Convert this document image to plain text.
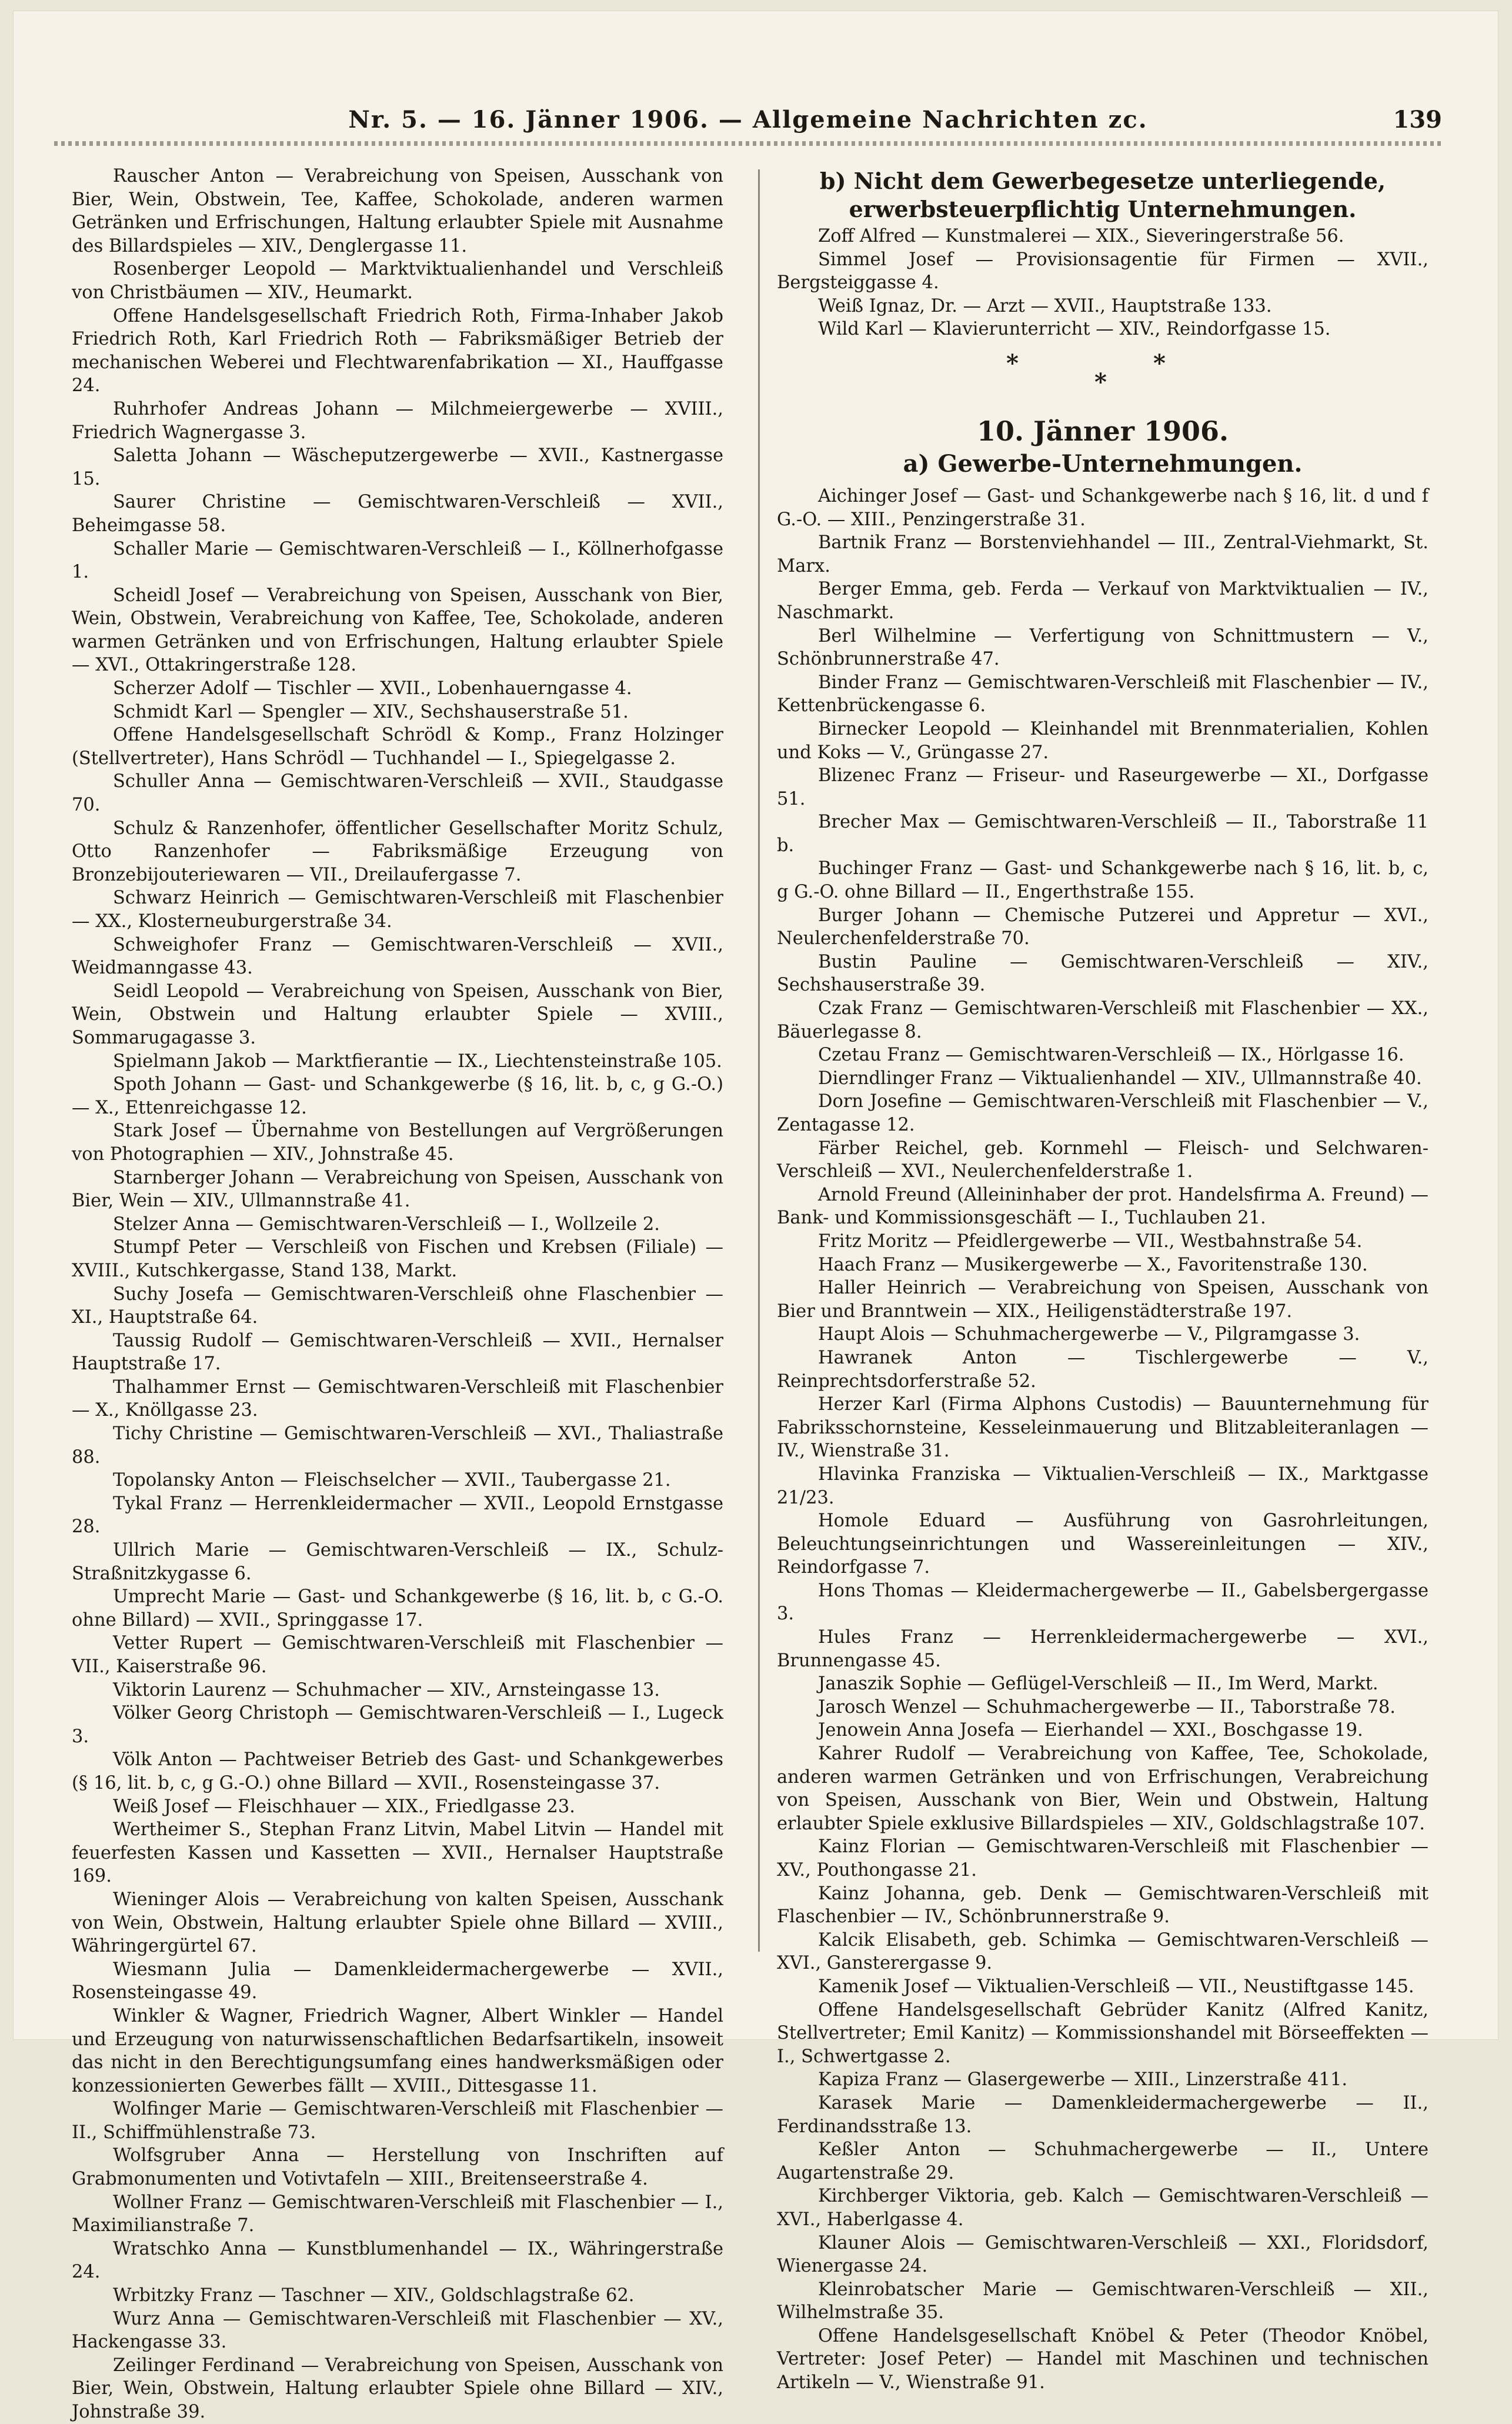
Nr. 5. — 16. Jänner 1906. — Allgemeine Nachrichten zc.	139

Rauscher Anton — Verabreichung von Speisen, Ausschank von Bier, Wein, Obstwein, Tee, Kaffee, Schokolade, anderen warmen Getränken und Erfrischungen, Haltung erlaubter Spiele mit Ausnahme des Billardspieles — XIV., Denglergasse 11.

Rosenberger Leopold — Marktviktualienhandel und Verschleiß von Christbäumen — XIV., Heumarkt.

Offene Handelsgesellschaft Friedrich Roth, Firma-Inhaber Jakob Friedrich Roth, Karl Friedrich Roth — Fabriksmäßiger Betrieb der mechanischen Weberei und Flechtwarenfabrikation — XI., Hauffgasse 24.

Ruhrhofer Andreas Johann — Milchmeiergewerbe — XVIII., Friedrich Wagnergasse 3.

Saletta Johann — Wäscheputzergewerbe — XVII., Kastnergasse 15.

Saurer Christine — Gemischtwaren-Verschleiß — XVII., Beheimgasse 58.

Schaller Marie — Gemischtwaren-Verschleiß — I., Köllnerhofgasse 1.

Scheidl Josef — Verabreichung von Speisen, Ausschank von Bier, Wein, Obstwein, Verabreichung von Kaffee, Tee, Schokolade, anderen warmen Getränken und von Erfrischungen, Haltung erlaubter Spiele — XVI., Ottakringerstraße 128.

Scherzer Adolf — Tischler — XVII., Lobenhauerngasse 4.

Schmidt Karl — Spengler — XIV., Sechshauserstraße 51.

Offene Handelsgesellschaft Schrödl & Komp., Franz Holzinger (Stellvertreter), Hans Schrödl — Tuchhandel — I., Spiegelgasse 2.

Schuller Anna — Gemischtwaren-Verschleiß — XVII., Staudgasse 70.

Schulz & Ranzenhofer, öffentlicher Gesellschafter Moritz Schulz, Otto Ranzenhofer — Fabriksmäßige Erzeugung von Bronzebijouteriewaren — VII., Dreilaufergasse 7.

Schwarz Heinrich — Gemischtwaren-Verschleiß mit Flaschenbier — XX., Klosterneuburgerstraße 34.

Schweighofer Franz — Gemischtwaren-Verschleiß — XVII., Weidmanngasse 43.

Seidl Leopold — Verabreichung von Speisen, Ausschank von Bier, Wein, Obstwein und Haltung erlaubter Spiele — XVIII., Sommarugagasse 3.

Spielmann Jakob — Marktfierantie — IX., Liechtensteinstraße 105.

Spoth Johann — Gast- und Schankgewerbe (§ 16, lit. b, c, g G.-O.) — X., Ettenreichgasse 12.

Stark Josef — Übernahme von Bestellungen auf Vergrößerungen von Photographien — XIV., Johnstraße 45.

Starnberger Johann — Verabreichung von Speisen, Ausschank von Bier, Wein — XIV., Ullmannstraße 41.

Stelzer Anna — Gemischtwaren-Verschleiß — I., Wollzeile 2.

Stumpf Peter — Verschleiß von Fischen und Krebsen (Filiale) — XVIII., Kutschkergasse, Stand 138, Markt.

Suchy Josefa — Gemischtwaren-Verschleiß ohne Flaschenbier — XI., Hauptstraße 64.

Taussig Rudolf — Gemischtwaren-Verschleiß — XVII., Hernalser Hauptstraße 17.

Thalhammer Ernst — Gemischtwaren-Verschleiß mit Flaschenbier — X., Knöllgasse 23.

Tichy Christine — Gemischtwaren-Verschleiß — XVI., Thaliastraße 88.

Topolansky Anton — Fleischselcher — XVII., Taubergasse 21.

Tykal Franz — Herrenkleidermacher — XVII., Leopold Ernstgasse 28.

Ullrich Marie — Gemischtwaren-Verschleiß — IX., Schulz-Straßnitzkygasse 6.

Umprecht Marie — Gast- und Schankgewerbe (§ 16, lit. b, c G.-O. ohne Billard) — XVII., Springgasse 17.

Vetter Rupert — Gemischtwaren-Verschleiß mit Flaschenbier — VII., Kaiserstraße 96.

Viktorin Laurenz — Schuhmacher — XIV., Arnsteingasse 13.

Völker Georg Christoph — Gemischtwaren-Verschleiß — I., Lugeck 3.

Völk Anton — Pachtweiser Betrieb des Gast- und Schankgewerbes (§ 16, lit. b, c, g G.-O.) ohne Billard — XVII., Rosensteingasse 37.

Weiß Josef — Fleischhauer — XIX., Friedlgasse 23.

Wertheimer S., Stephan Franz Litvin, Mabel Litvin — Handel mit feuerfesten Kassen und Kassetten — XVII., Hernalser Hauptstraße 169.

Wieninger Alois — Verabreichung von kalten Speisen, Ausschank von Wein, Obstwein, Haltung erlaubter Spiele ohne Billard — XVIII., Währingergürtel 67.

Wiesmann Julia — Damenkleidermachergewerbe — XVII., Rosensteingasse 49.

Winkler & Wagner, Friedrich Wagner, Albert Winkler — Handel und Erzeugung von naturwissenschaftlichen Bedarfsartikeln, insoweit das nicht in den Berechtigungsumfang eines handwerksmäßigen oder konzessionierten Gewerbes fällt — XVIII., Dittesgasse 11.

Wolfinger Marie — Gemischtwaren-Verschleiß mit Flaschenbier — II., Schiffmühlenstraße 73.

Wolfsgruber Anna — Herstellung von Inschriften auf Grabmonumenten und Votivtafeln — XIII., Breitenseerstraße 4.

Wollner Franz — Gemischtwaren-Verschleiß mit Flaschenbier — I., Maximilianstraße 7.

Wratschko Anna — Kunstblumenhandel — IX., Währingerstraße 24.

Wrbitzky Franz — Taschner — XIV., Goldschlagstraße 62.

Wurz Anna — Gemischtwaren-Verschleiß mit Flaschenbier — XV., Hackengasse 33.

Zeilinger Ferdinand — Verabreichung von Speisen, Ausschank von Bier, Wein, Obstwein, Haltung erlaubter Spiele ohne Billard — XIV., Johnstraße 39.

b) Nicht dem Gewerbegesetze unterliegende, erwerbsteuerpflichtig Unternehmungen.

Zoff Alfred — Kunstmalerei — XIX., Sieveringerstraße 56.

Simmel Josef — Provisionsagentie für Firmen — XVII., Bergsteiggasse 4.

Weiß Ignaz, Dr. — Arzt — XVII., Hauptstraße 133.

Wild Karl — Klavierunterricht — XIV., Reindorfgasse 15.

*
*
*
10. Jänner 1906.
a) Gewerbe-Unternehmungen.

Aichinger Josef — Gast- und Schankgewerbe nach § 16, lit. d und f G.-O. — XIII., Penzingerstraße 31.

Bartnik Franz — Borstenviehhandel — III., Zentral-Viehmarkt, St. Marx.

Berger Emma, geb. Ferda — Verkauf von Marktviktualien — IV., Naschmarkt.

Berl Wilhelmine — Verfertigung von Schnittmustern — V., Schönbrunnerstraße 47.

Binder Franz — Gemischtwaren-Verschleiß mit Flaschenbier — IV., Kettenbrückengasse 6.

Birnecker Leopold — Kleinhandel mit Brennmaterialien, Kohlen und Koks — V., Grüngasse 27.

Blizenec Franz — Friseur- und Raseurgewerbe — XI., Dorfgasse 51.

Brecher Max — Gemischtwaren-Verschleiß — II., Taborstraße 11 b.

Buchinger Franz — Gast- und Schankgewerbe nach § 16, lit. b, c, g G.-O. ohne Billard — II., Engerthstraße 155.

Burger Johann — Chemische Putzerei und Appretur — XVI., Neulerchenfelderstraße 70.

Bustin Pauline — Gemischtwaren-Verschleiß — XIV., Sechshauserstraße 39.

Czak Franz — Gemischtwaren-Verschleiß mit Flaschenbier — XX., Bäuerlegasse 8.

Czetau Franz — Gemischtwaren-Verschleiß — IX., Hörlgasse 16.

Dierndlinger Franz — Viktualienhandel — XIV., Ullmannstraße 40.

Dorn Josefine — Gemischtwaren-Verschleiß mit Flaschenbier — V., Zentagasse 12.

Färber Reichel, geb. Kornmehl — Fleisch- und Selchwaren-Verschleiß — XVI., Neulerchenfelderstraße 1.

Arnold Freund (Alleininhaber der prot. Handelsfirma A. Freund) — Bank- und Kommissionsgeschäft — I., Tuchlauben 21.

Fritz Moritz — Pfeidlergewerbe — VII., Westbahnstraße 54.

Haach Franz — Musikergewerbe — X., Favoritenstraße 130.

Haller Heinrich — Verabreichung von Speisen, Ausschank von Bier und Branntwein — XIX., Heiligenstädterstraße 197.

Haupt Alois — Schuhmachergewerbe — V., Pilgramgasse 3.

Hawranek Anton — Tischlergewerbe — V., Reinprechtsdorferstraße 52.

Herzer Karl (Firma Alphons Custodis) — Bauunternehmung für Fabriksschornsteine, Kesseleinmauerung und Blitzableiteranlagen — IV., Wienstraße 31.

Hlavinka Franziska — Viktualien-Verschleiß — IX., Marktgasse 21/23.

Homole Eduard — Ausführung von Gasrohrleitungen, Beleuchtungseinrichtungen und Wassereinleitungen — XIV., Reindorfgasse 7.

Hons Thomas — Kleidermachergewerbe — II., Gabelsbergergasse 3.

Hules Franz — Herrenkleidermachergewerbe — XVI., Brunnengasse 45.

Janaszik Sophie — Geflügel-Verschleiß — II., Im Werd, Markt.

Jarosch Wenzel — Schuhmachergewerbe — II., Taborstraße 78.

Jenowein Anna Josefa — Eierhandel — XXI., Boschgasse 19.

Kahrer Rudolf — Verabreichung von Kaffee, Tee, Schokolade, anderen warmen Getränken und von Erfrischungen, Verabreichung von Speisen, Ausschank von Bier, Wein und Obstwein, Haltung erlaubter Spiele exklusive Billardspieles — XIV., Goldschlagstraße 107.

Kainz Florian — Gemischtwaren-Verschleiß mit Flaschenbier — XV., Pouthongasse 21.

Kainz Johanna, geb. Denk — Gemischtwaren-Verschleiß mit Flaschenbier — IV., Schönbrunnerstraße 9.

Kalcik Elisabeth, geb. Schimka — Gemischtwaren-Verschleiß — XVI., Gansterergasse 9.

Kamenik Josef — Viktualien-Verschleiß — VII., Neustiftgasse 145.

Offene Handelsgesellschaft Gebrüder Kanitz (Alfred Kanitz, Stellvertreter; Emil Kanitz) — Kommissionshandel mit Börseeffekten — I., Schwertgasse 2.

Kapiza Franz — Glasergewerbe — XIII., Linzerstraße 411.

Karasek Marie — Damenkleidermachergewerbe — II., Ferdinandsstraße 13.

Keßler Anton — Schuhmachergewerbe — II., Untere Augartenstraße 29.

Kirchberger Viktoria, geb. Kalch — Gemischtwaren-Verschleiß — XVI., Haberlgasse 4.

Klauner Alois — Gemischtwaren-Verschleiß — XXI., Floridsdorf, Wienergasse 24.

Kleinrobatscher Marie — Gemischtwaren-Verschleiß — XII., Wilhelmstraße 35.

Offene Handelsgesellschaft Knöbel & Peter (Theodor Knöbel, Vertreter: Josef Peter) — Handel mit Maschinen und technischen Artikeln — V., Wienstraße 91.
